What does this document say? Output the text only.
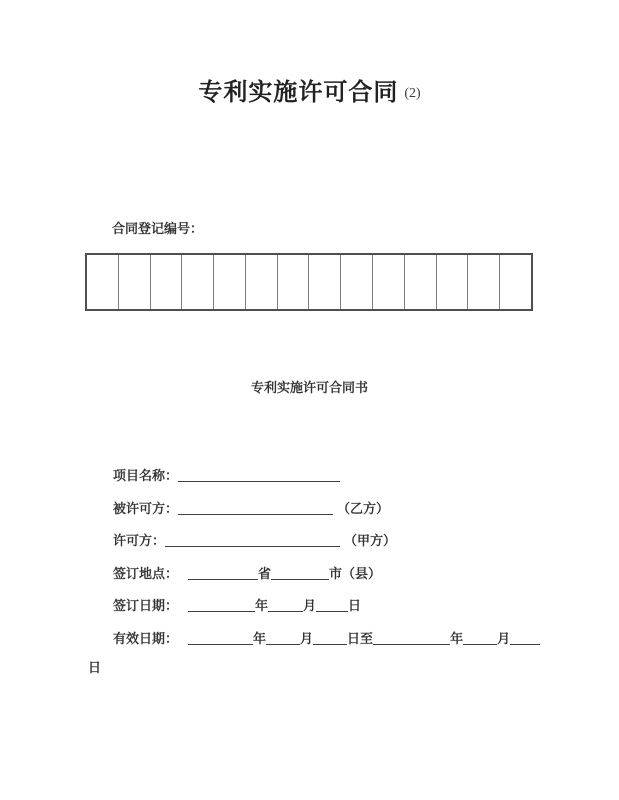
专利实施许可合同 (2)
合同登记编号：
专利实施许可合同书
项目名称：
被许可方：	（乙方）
许可方：	（甲方）
签订地点：	省	市（县）
签订日期：	年	月 日
有效日期：	年	月	日至	年	月
日
